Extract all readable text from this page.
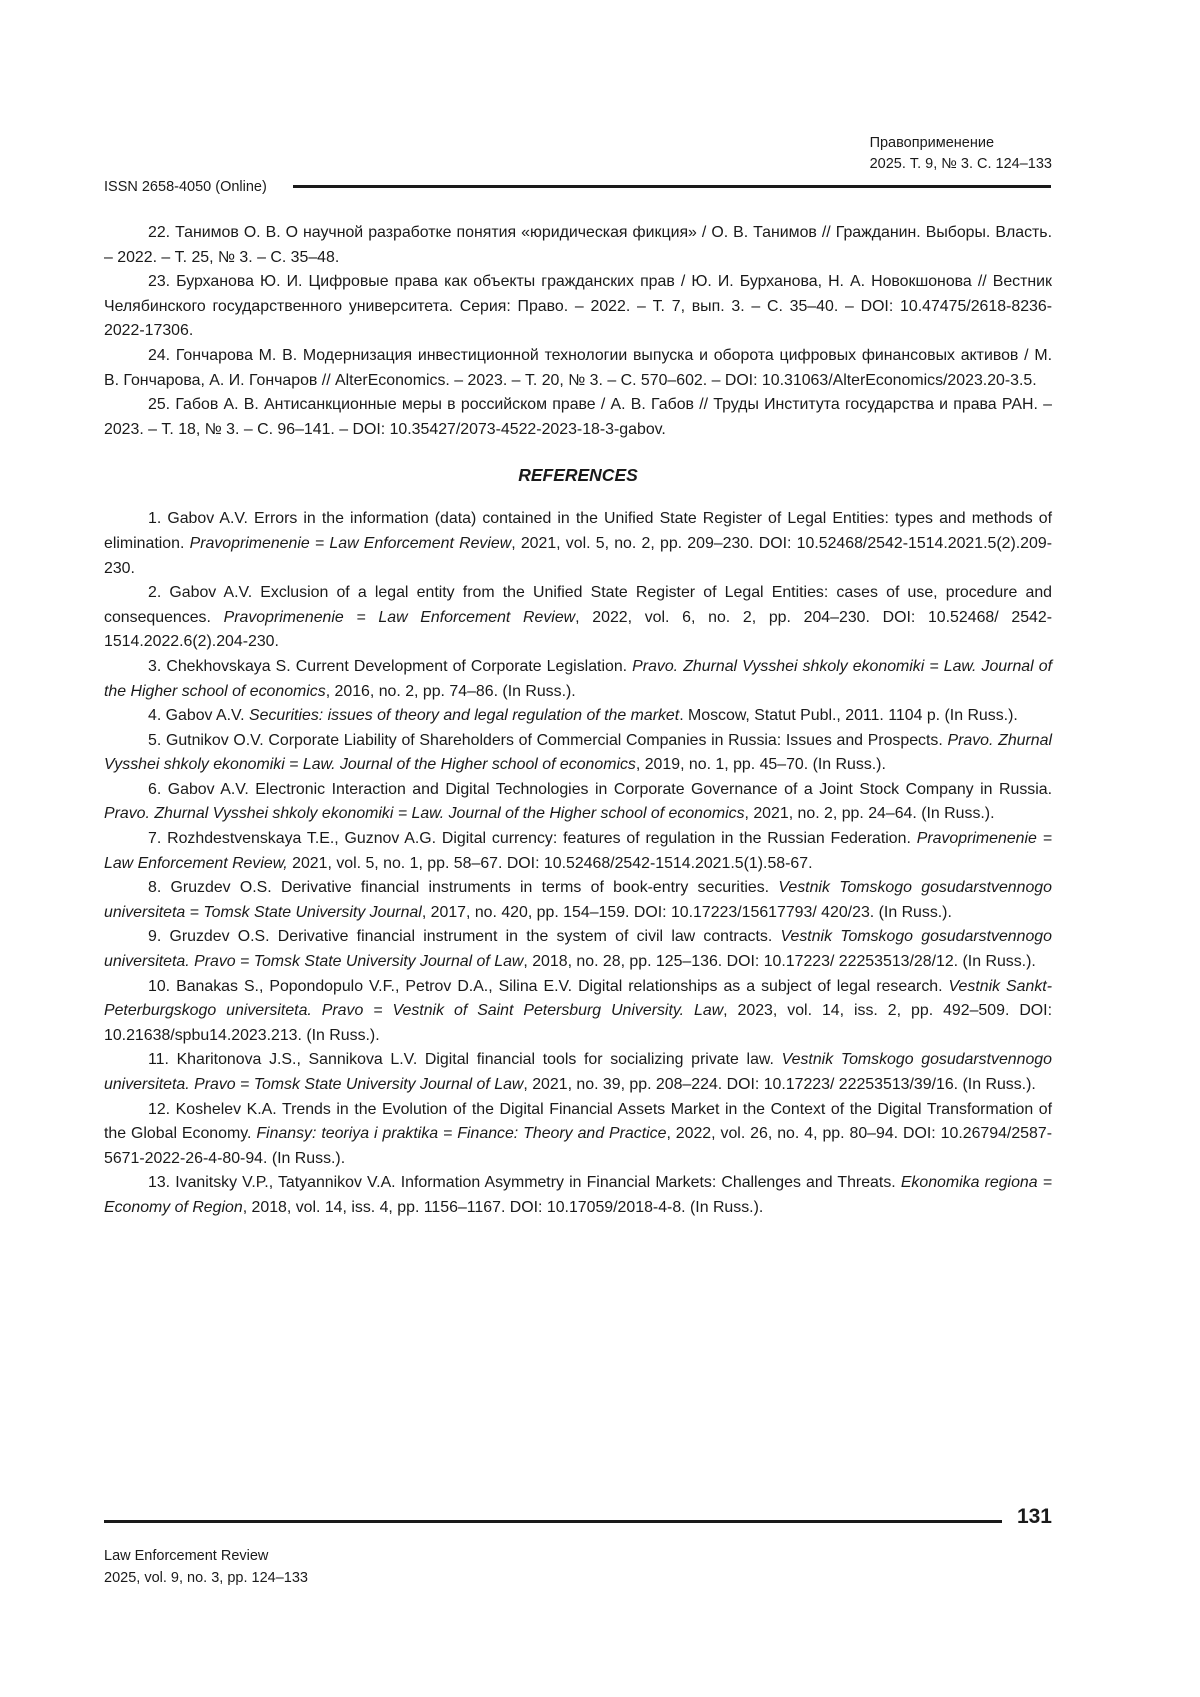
Правоприменение
2025. Т. 9, № 3. С. 124–133
ISSN 2658-4050 (Online)

22. Танимов О. В. О научной разработке понятия «юридическая фикция» / О. В. Танимов // Гражданин. Выборы. Власть. – 2022. – Т. 25, № 3. – С. 35–48.

23. Бурханова Ю. И. Цифровые права как объекты гражданских прав / Ю. И. Бурханова, Н. А. Новокшонова // Вестник Челябинского государственного университета. Серия: Право. – 2022. – Т. 7, вып. 3. – С. 35–40. – DOI: 10.47475/2618-8236-2022-17306.

24. Гончарова М. В. Модернизация инвестиционной технологии выпуска и оборота цифровых финансовых активов / М. В. Гончарова, А. И. Гончаров // AlterEconomics. – 2023. – Т. 20, № 3. – С. 570–602. – DOI: 10.31063/AlterEconomics/2023.20-3.5.

25. Габов А. В. Антисанкционные меры в российском праве / А. В. Габов // Труды Института государства и права РАН. – 2023. – Т. 18, № 3. – С. 96–141. – DOI: 10.35427/2073-4522-2023-18-3-gabov.

REFERENCES

1. Gabov A.V. Errors in the information (data) contained in the Unified State Register of Legal Entities: types and methods of elimination. Pravoprimenenie = Law Enforcement Review, 2021, vol. 5, no. 2, pp. 209–230. DOI: 10.52468/2542-1514.2021.5(2).209-230.

2. Gabov A.V. Exclusion of a legal entity from the Unified State Register of Legal Entities: cases of use, procedure and consequences. Pravoprimenenie = Law Enforcement Review, 2022, vol. 6, no. 2, pp. 204–230. DOI: 10.52468/ 2542-1514.2022.6(2).204-230.

3. Chekhovskaya S. Current Development of Corporate Legislation. Pravo. Zhurnal Vysshei shkoly ekonomiki = Law. Journal of the Higher school of economics, 2016, no. 2, pp. 74–86. (In Russ.).

4. Gabov A.V. Securities: issues of theory and legal regulation of the market. Moscow, Statut Publ., 2011. 1104 p. (In Russ.).

5. Gutnikov O.V. Corporate Liability of Shareholders of Commercial Companies in Russia: Issues and Prospects. Pravo. Zhurnal Vysshei shkoly ekonomiki = Law. Journal of the Higher school of economics, 2019, no. 1, pp. 45–70. (In Russ.).

6. Gabov A.V. Electronic Interaction and Digital Technologies in Corporate Governance of a Joint Stock Company in Russia. Pravo. Zhurnal Vysshei shkoly ekonomiki = Law. Journal of the Higher school of economics, 2021, no. 2, pp. 24–64. (In Russ.).

7. Rozhdestvenskaya T.E., Guznov A.G. Digital currency: features of regulation in the Russian Federation. Pravoprimenenie = Law Enforcement Review, 2021, vol. 5, no. 1, pp. 58–67. DOI: 10.52468/2542-1514.2021.5(1).58-67.

8. Gruzdev O.S. Derivative financial instruments in terms of book-entry securities. Vestnik Tomskogo gosudarstvennogo universiteta = Tomsk State University Journal, 2017, no. 420, pp. 154–159. DOI: 10.17223/15617793/ 420/23. (In Russ.).

9. Gruzdev O.S. Derivative financial instrument in the system of civil law contracts. Vestnik Tomskogo gosudarstvennogo universiteta. Pravo = Tomsk State University Journal of Law, 2018, no. 28, pp. 125–136. DOI: 10.17223/ 22253513/28/12. (In Russ.).

10. Banakas S., Popondopulo V.F., Petrov D.A., Silina E.V. Digital relationships as a subject of legal research. Vestnik Sankt-Peterburgskogo universiteta. Pravo = Vestnik of Saint Petersburg University. Law, 2023, vol. 14, iss. 2, pp. 492–509. DOI: 10.21638/spbu14.2023.213. (In Russ.).

11. Kharitonova J.S., Sannikova L.V. Digital financial tools for socializing private law. Vestnik Tomskogo gosudarstvennogo universiteta. Pravo = Tomsk State University Journal of Law, 2021, no. 39, pp. 208–224. DOI: 10.17223/ 22253513/39/16. (In Russ.).

12. Koshelev K.A. Trends in the Evolution of the Digital Financial Assets Market in the Context of the Digital Transformation of the Global Economy. Finansy: teoriya i praktika = Finance: Theory and Practice, 2022, vol. 26, no. 4, pp. 80–94. DOI: 10.26794/2587-5671-2022-26-4-80-94. (In Russ.).

13. Ivanitsky V.P., Tatyannikov V.A. Information Asymmetry in Financial Markets: Challenges and Threats. Ekonomika regiona = Economy of Region, 2018, vol. 14, iss. 4, pp. 1156–1167. DOI: 10.17059/2018-4-8. (In Russ.).

131
Law Enforcement Review
2025, vol. 9, no. 3, pp. 124–133
